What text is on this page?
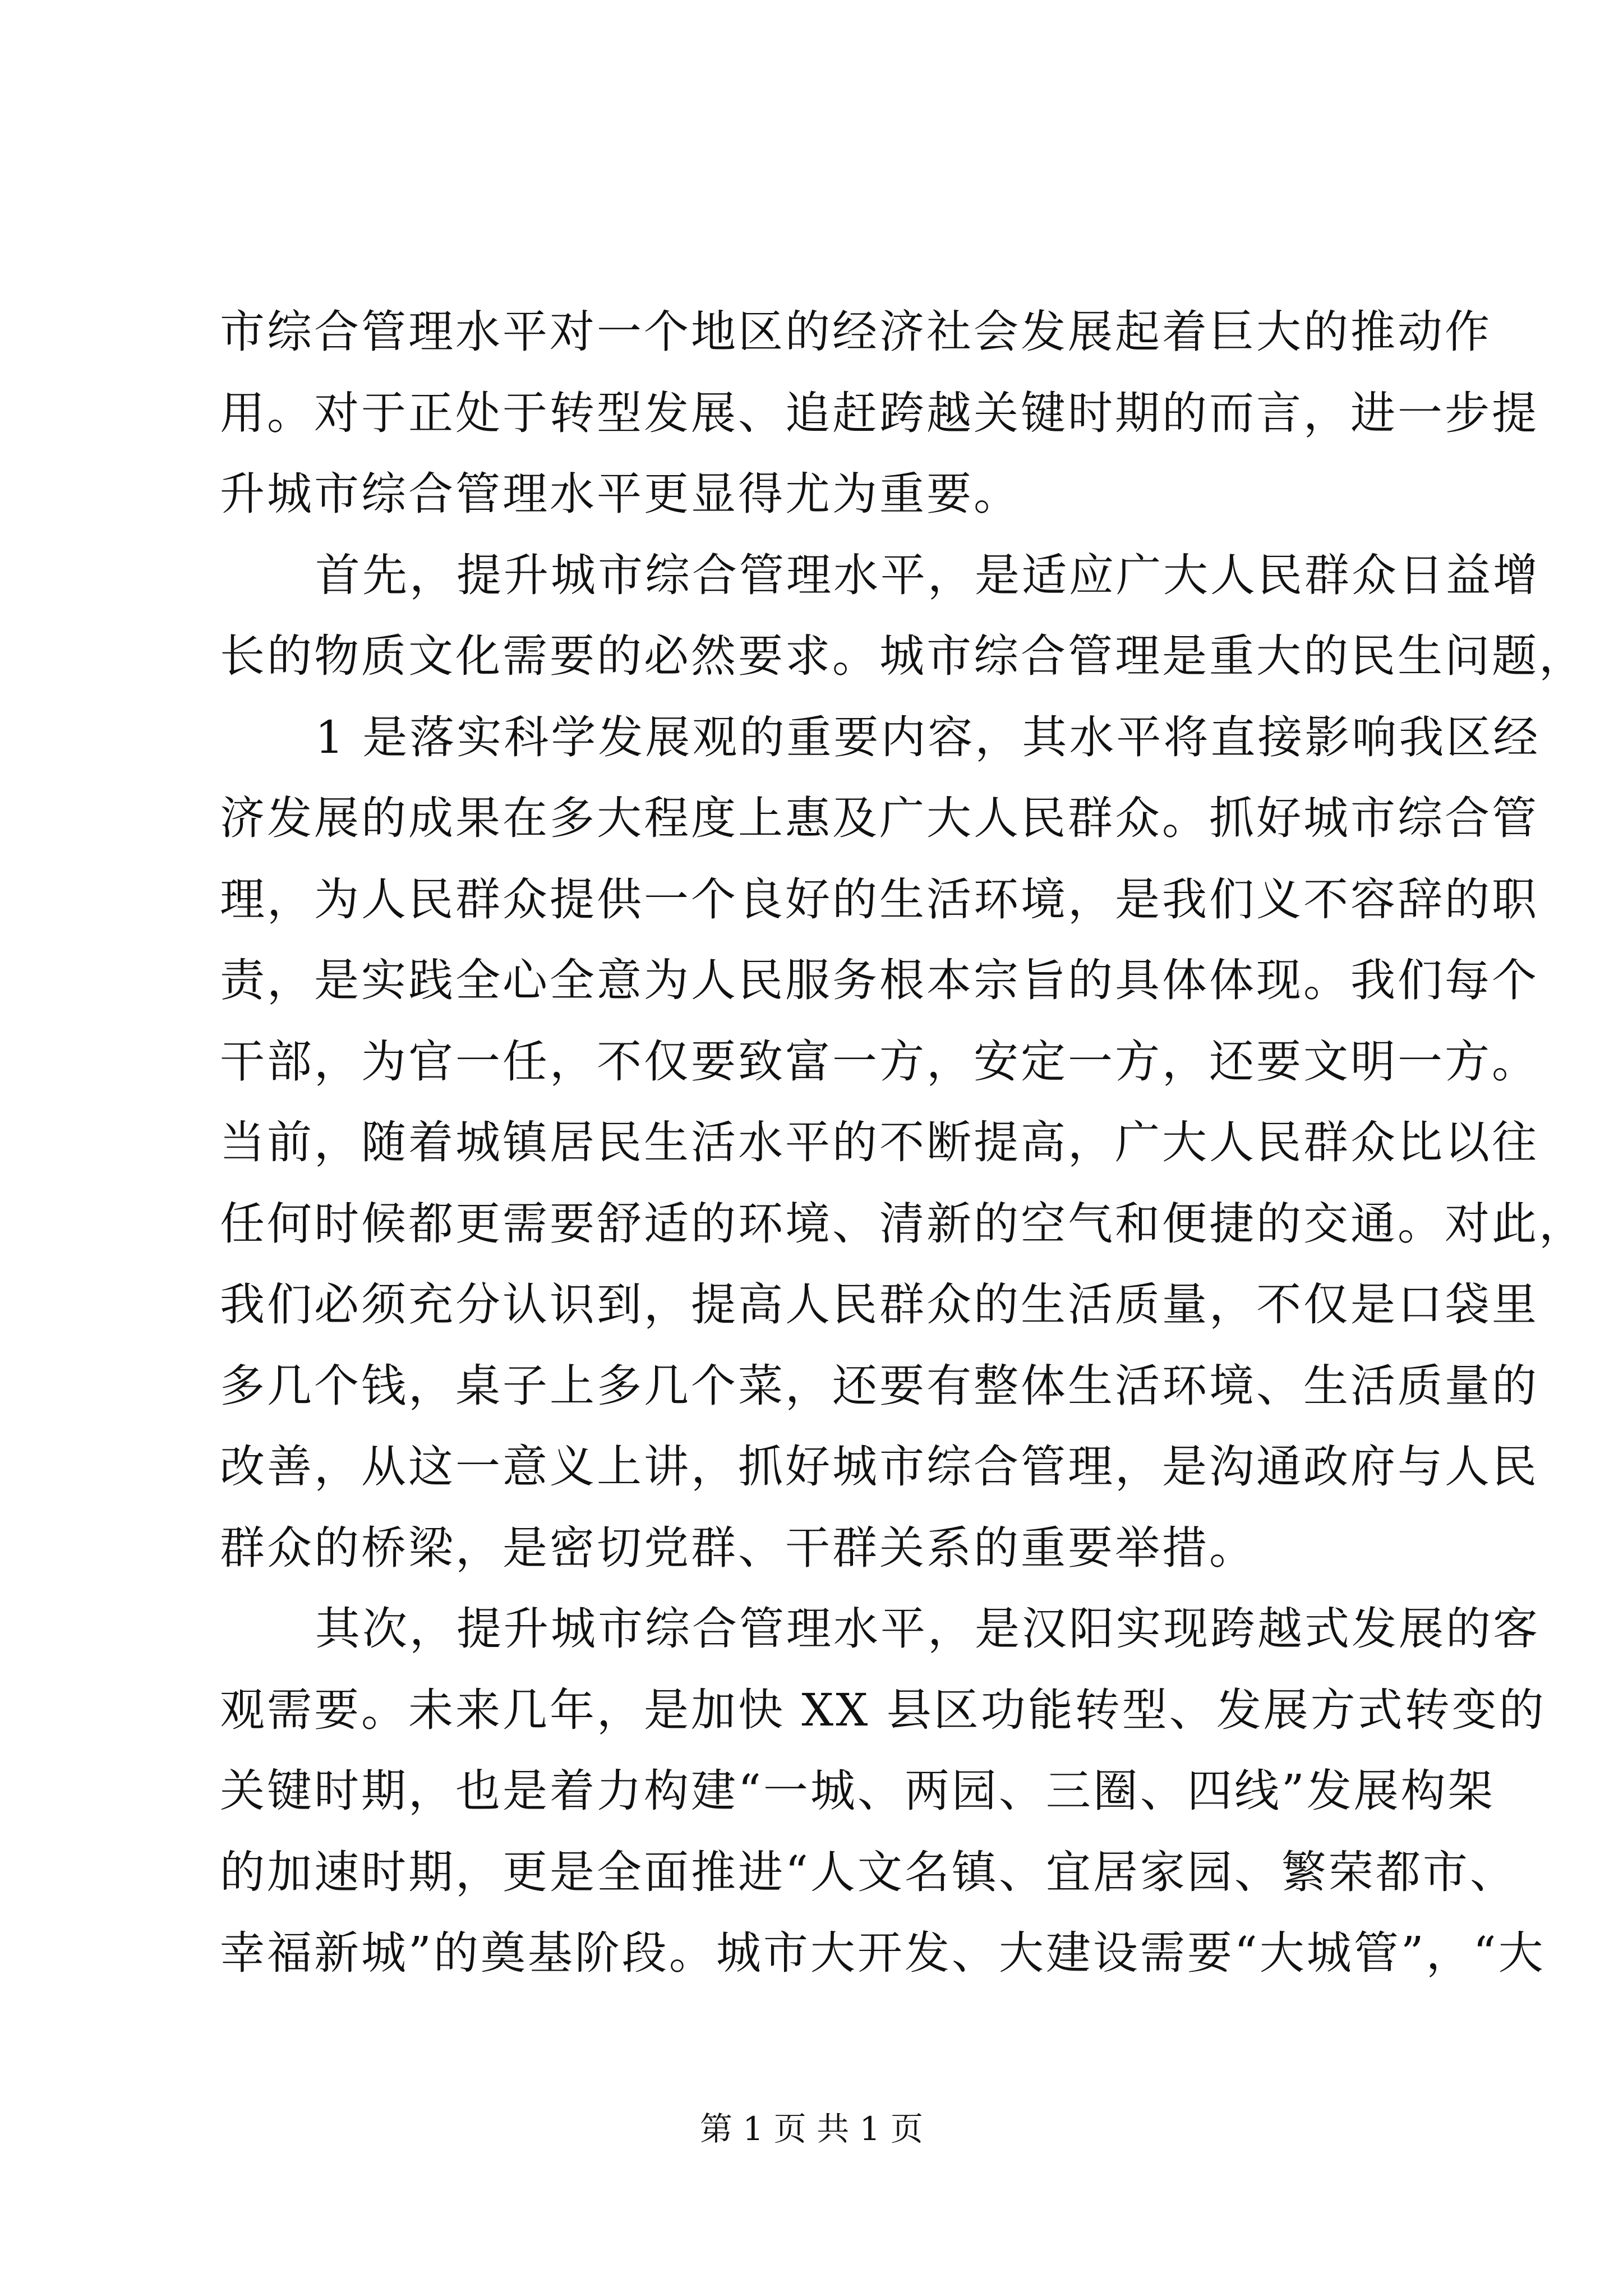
市综合管理水平对一个地区的经济社会发展起着巨大的推动作
用。对于正处于转型发展、追赶跨越关键时期的而言，进一步提
升城市综合管理水平更显得尤为重要。
首先，提升城市综合管理水平，是适应广大人民群众日益增
长的物质文化需要的必然要求。城市综合管理是重大的民生问题，
1 是落实科学发展观的重要内容，其水平将直接影响我区经
济发展的成果在多大程度上惠及广大人民群众。抓好城市综合管
理，为人民群众提供一个良好的生活环境，是我们义不容辞的职
责，是实践全心全意为人民服务根本宗旨的具体体现。我们每个
干部，为官一任，不仅要致富一方，安定一方，还要文明一方。
当前，随着城镇居民生活水平的不断提高，广大人民群众比以往
任何时候都更需要舒适的环境、清新的空气和便捷的交通。对此，
我们必须充分认识到，提高人民群众的生活质量，不仅是口袋里
多几个钱，桌子上多几个菜，还要有整体生活环境、生活质量的
改善，从这一意义上讲，抓好城市综合管理，是沟通政府与人民
群众的桥梁，是密切党群、干群关系的重要举措。
其次，提升城市综合管理水平，是汉阳实现跨越式发展的客
观需要。未来几年，是加快 XX 县区功能转型、发展方式转变的
关键时期，也是着力构建“一城、两园、三圈、四线”发展构架
的加速时期，更是全面推进“人文名镇、宜居家园、繁荣都市、
幸福新城”的奠基阶段。城市大开发、大建设需要“大城管”，“大
第 1 页 共 1 页
